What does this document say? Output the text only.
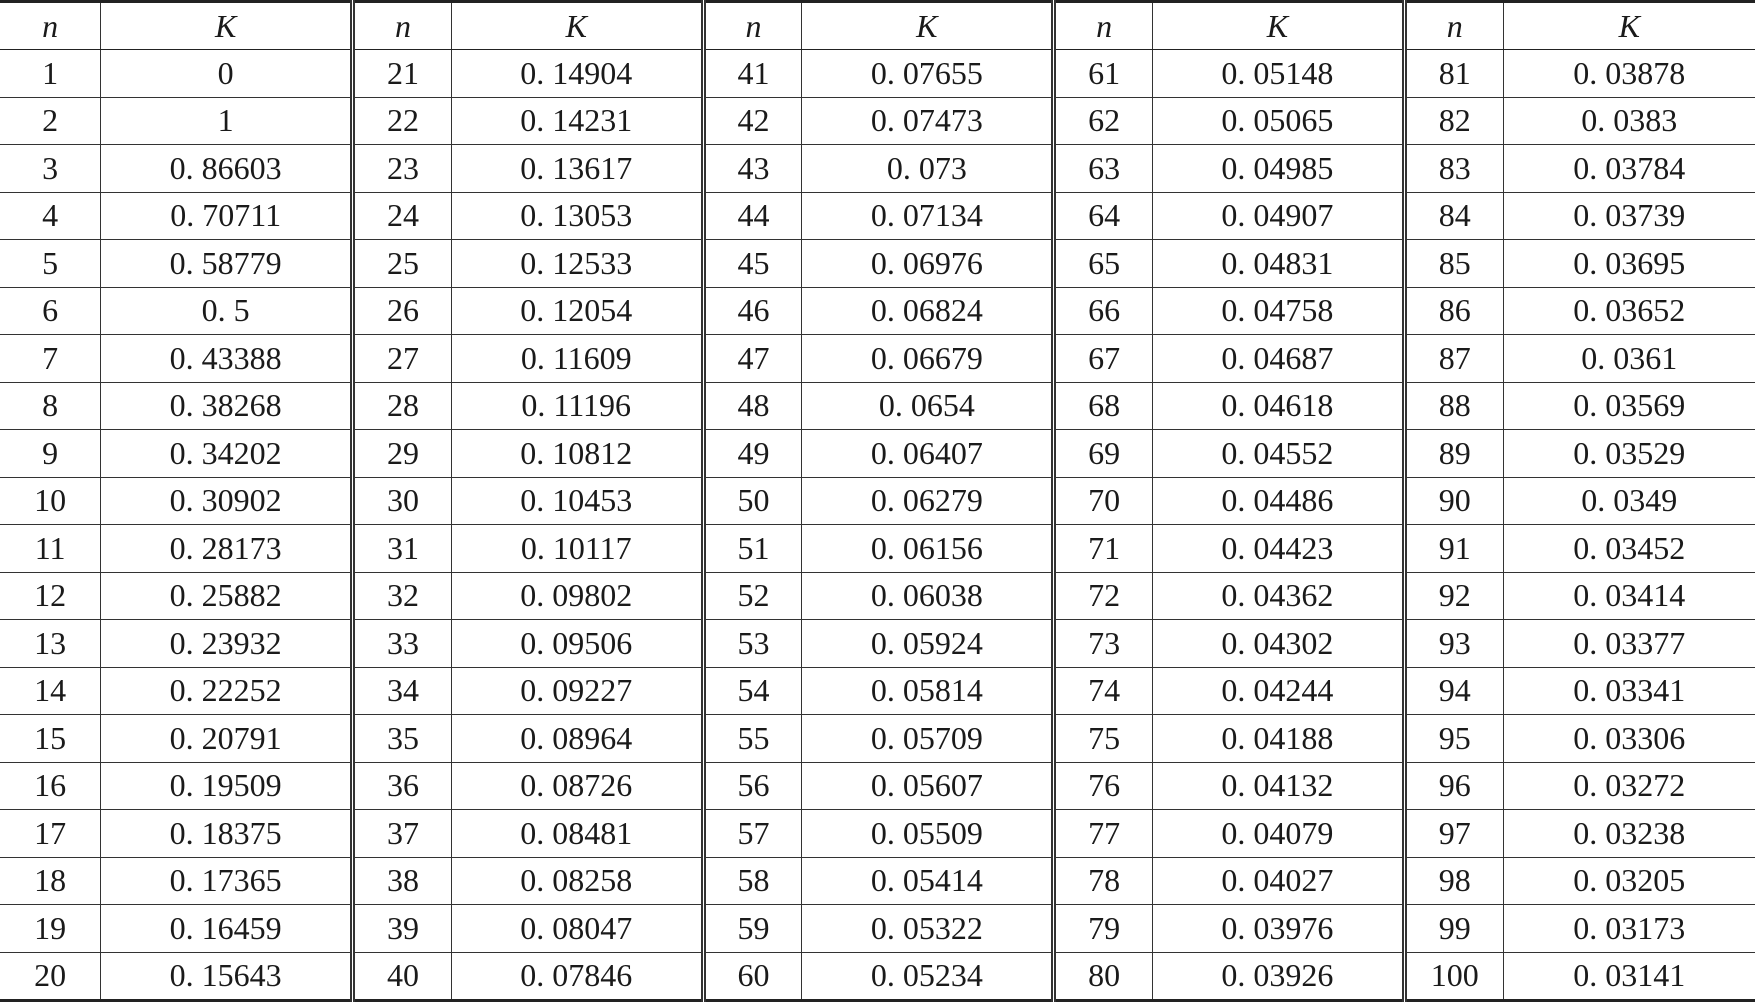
n	K	n	K	n	K	n	K	n	K
1	0	21	0. 14904	41	0. 07655	61	0. 05148	81	0. 03878
2	1	22	0. 14231	42	0. 07473	62	0. 05065	82	0. 0383
3	0. 86603	23	0. 13617	43	0. 073	63	0. 04985	83	0. 03784
4	0. 70711	24	0. 13053	44	0. 07134	64	0. 04907	84	0. 03739
5	0. 58779	25	0. 12533	45	0. 06976	65	0. 04831	85	0. 03695
6	0. 5	26	0. 12054	46	0. 06824	66	0. 04758	86	0. 03652
7	0. 43388	27	0. 11609	47	0. 06679	67	0. 04687	87	0. 0361
8	0. 38268	28	0. 11196	48	0. 0654	68	0. 04618	88	0. 03569
9	0. 34202	29	0. 10812	49	0. 06407	69	0. 04552	89	0. 03529
10	0. 30902	30	0. 10453	50	0. 06279	70	0. 04486	90	0. 0349
11	0. 28173	31	0. 10117	51	0. 06156	71	0. 04423	91	0. 03452
12	0. 25882	32	0. 09802	52	0. 06038	72	0. 04362	92	0. 03414
13	0. 23932	33	0. 09506	53	0. 05924	73	0. 04302	93	0. 03377
14	0. 22252	34	0. 09227	54	0. 05814	74	0. 04244	94	0. 03341
15	0. 20791	35	0. 08964	55	0. 05709	75	0. 04188	95	0. 03306
16	0. 19509	36	0. 08726	56	0. 05607	76	0. 04132	96	0. 03272
17	0. 18375	37	0. 08481	57	0. 05509	77	0. 04079	97	0. 03238
18	0. 17365	38	0. 08258	58	0. 05414	78	0. 04027	98	0. 03205
19	0. 16459	39	0. 08047	59	0. 05322	79	0. 03976	99	0. 03173
20	0. 15643	40	0. 07846	60	0. 05234	80	0. 03926	100	0. 03141
